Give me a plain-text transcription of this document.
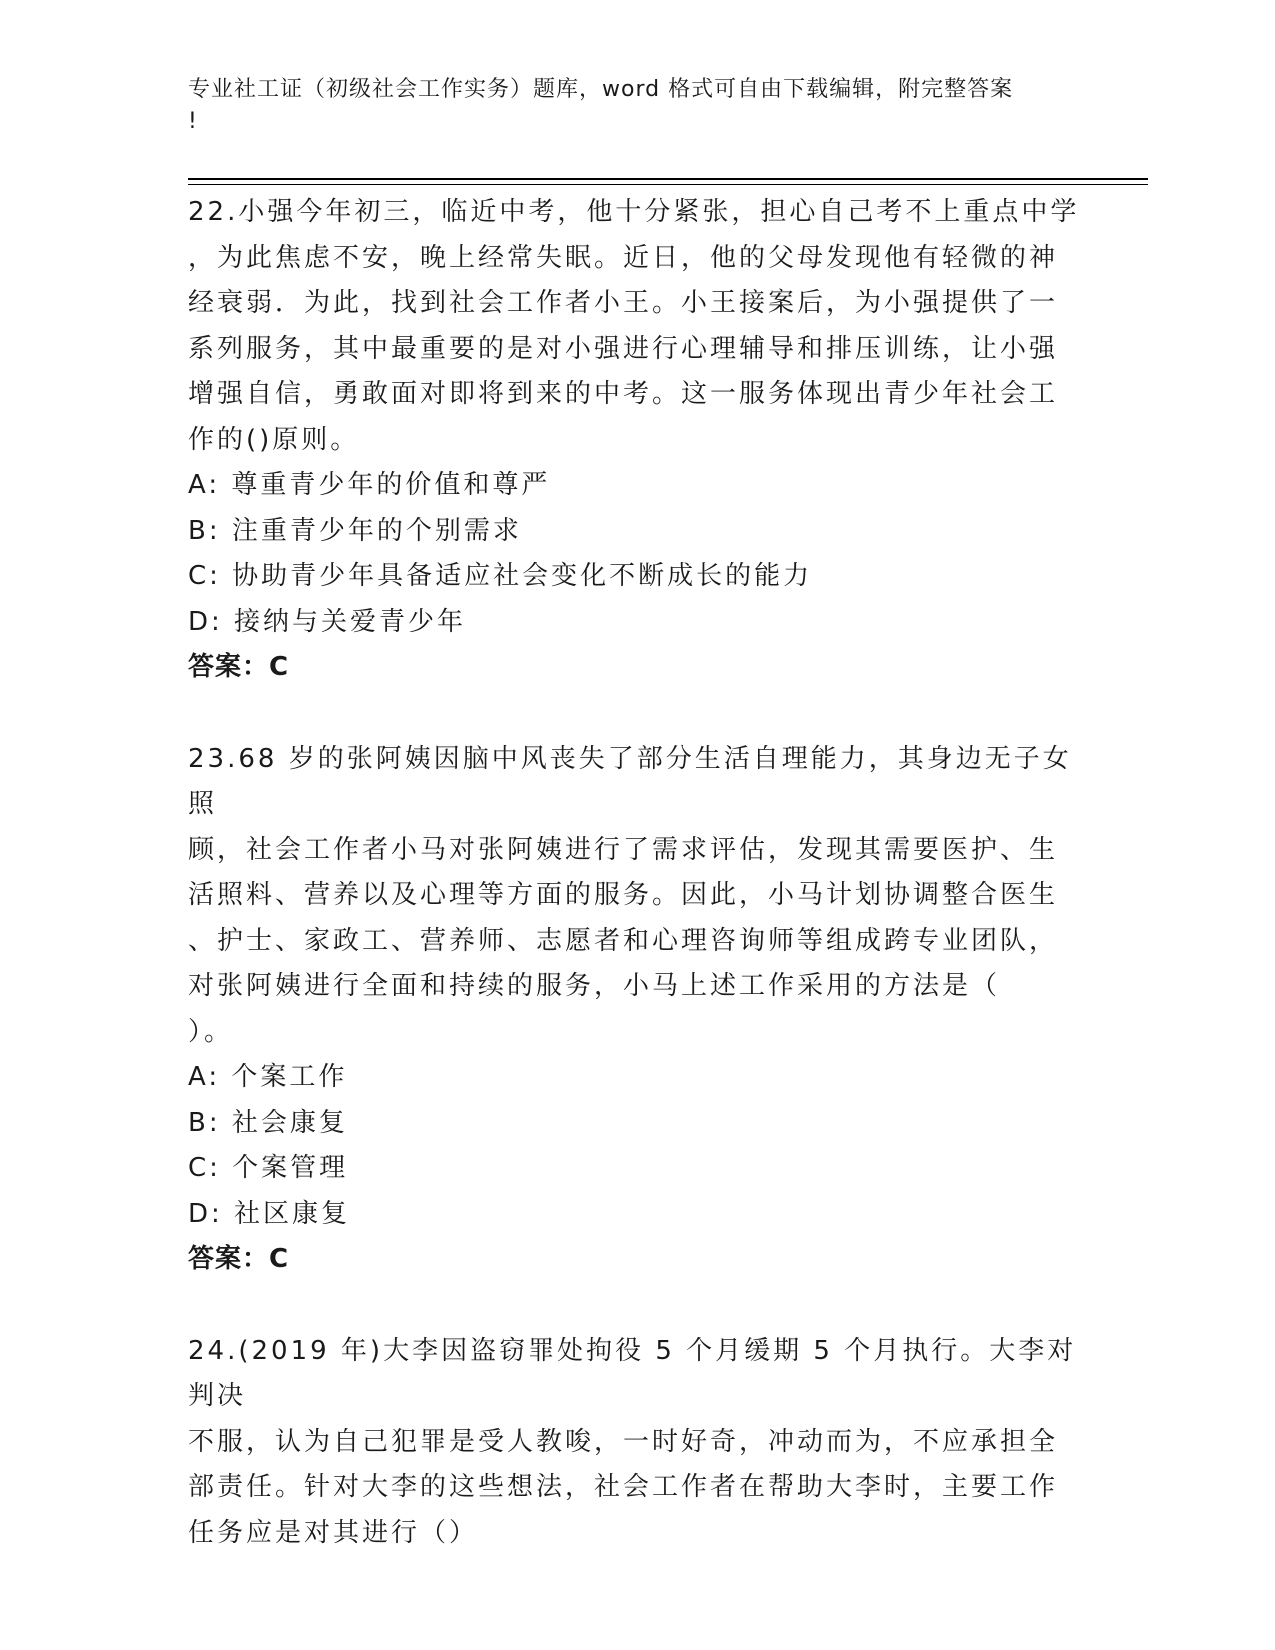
专业社工证（初级社会工作实务）题库，word 格式可自由下载编辑，附完整答案
!

22.小强今年初三，临近中考，他十分紧张，担心自己考不上重点中学
，为此焦虑不安，晚上经常失眠。近日，他的父母发现他有轻微的神
经衰弱．为此，找到社会工作者小王。小王接案后，为小强提供了一
系列服务，其中最重要的是对小强进行心理辅导和排压训练，让小强
增强自信，勇敢面对即将到来的中考。这一服务体现出青少年社会工
作的()原则。

A: 尊重青少年的价值和尊严

B: 注重青少年的个别需求

C: 协助青少年具备适应社会变化不断成长的能力

D: 接纳与关爱青少年

答案：C

23.68 岁的张阿姨因脑中风丧失了部分生活自理能力，其身边无子女照
顾，社会工作者小马对张阿姨进行了需求评估，发现其需要医护、生
活照料、营养以及心理等方面的服务。因此，小马计划协调整合医生
、护士、家政工、营养师、志愿者和心理咨询师等组成跨专业团队，
对张阿姨进行全面和持续的服务，小马上述工作采用的方法是（
）。

A: 个案工作

B: 社会康复

C: 个案管理

D: 社区康复

答案：C

24.(2019 年)大李因盗窃罪处拘役 5 个月缓期 5 个月执行。大李对判决
不服，认为自己犯罪是受人教唆，一时好奇，冲动而为，不应承担全
部责任。针对大李的这些想法，社会工作者在帮助大李时，主要工作
任务应是对其进行（）
